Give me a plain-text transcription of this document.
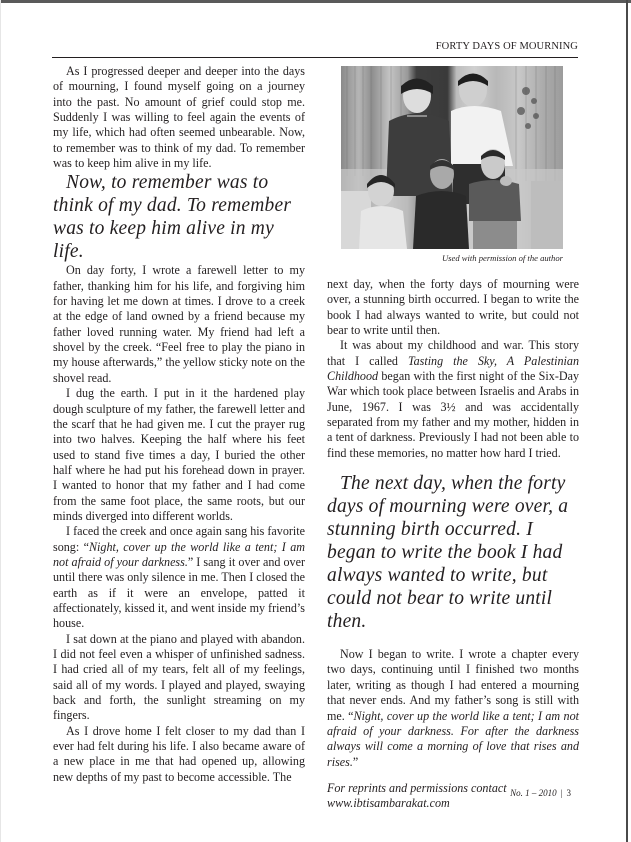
FORTY DAYS OF MOURNING

As I progressed deeper and deeper into the days of mourning, I found myself going on a journey into the past. No amount of grief could stop me. Suddenly I was willing to feel again the events of my life, which had often seemed unbearable. Now, to remember was to think of my dad. To remember was to keep him alive in my life.

Now, to remember was to think of my dad. To remember was to keep him alive in my life.

On day forty, I wrote a farewell letter to my father, thanking him for his life, and forgiving him for having let me down at times. I drove to a creek at the edge of land owned by a friend because my father loved running water. My friend had left a shovel by the creek. “Feel free to play the piano in my house afterwards,” the yellow sticky note on the shovel read.

I dug the earth. I put in it the hardened play dough sculpture of my father, the farewell letter and the scarf that he had given me. I cut the prayer rug into two halves. Keeping the half where his feet used to stand five times a day, I buried the other half where he had put his forehead down in prayer. I wanted to honor that my father and I had come from the same foot place, the same roots, but our minds diverged into different worlds.

I faced the creek and once again sang his favorite song: “Night, cover up the world like a tent; I am not afraid of your darkness.” I sang it over and over until there was only silence in me. Then I closed the earth as if it were an envelope, patted it affectionately, kissed it, and went inside my friend’s house.

I sat down at the piano and played with abandon. I did not feel even a whisper of unfinished sadness. I had cried all of my tears, felt all of my feelings, said all of my words. I played and played, swaying back and forth, the sunlight streaming on my fingers.

As I drove home I felt closer to my dad than I ever had felt during his life. I also became aware of a new place in me that had opened up, allowing new depths of my past to become accessible. The

Used with permission of the author

next day, when the forty days of mourning were over, a stunning birth occurred. I began to write the book I had always wanted to write, but could not bear to write until then.

It was about my childhood and war. This story that I called Tasting the Sky, A Palestinian Childhood began with the first night of the Six-Day War which took place between Israelis and Arabs in June, 1967. I was 3½ and was accidentally separated from my father and my mother, hidden in a tent of darkness. Previously I had not been able to find these memories, no matter how hard I tried.

The next day, when the forty days of mourning were over, a stunning birth occurred. I began to write the book I had always wanted to write, but could not bear to write until then.

Now I began to write. I wrote a chapter every two days, continuing until I finished two months later, writing as though I had entered a mourning that never ends. And my father’s song is still with me. “Night, cover up the world like a tent; I am not afraid of your darkness. For after the darkness always will come a morning of love that rises and rises.”

For reprints and permissions contact
www.ibtisambarakat.com

No. 1 – 2010 | 3
